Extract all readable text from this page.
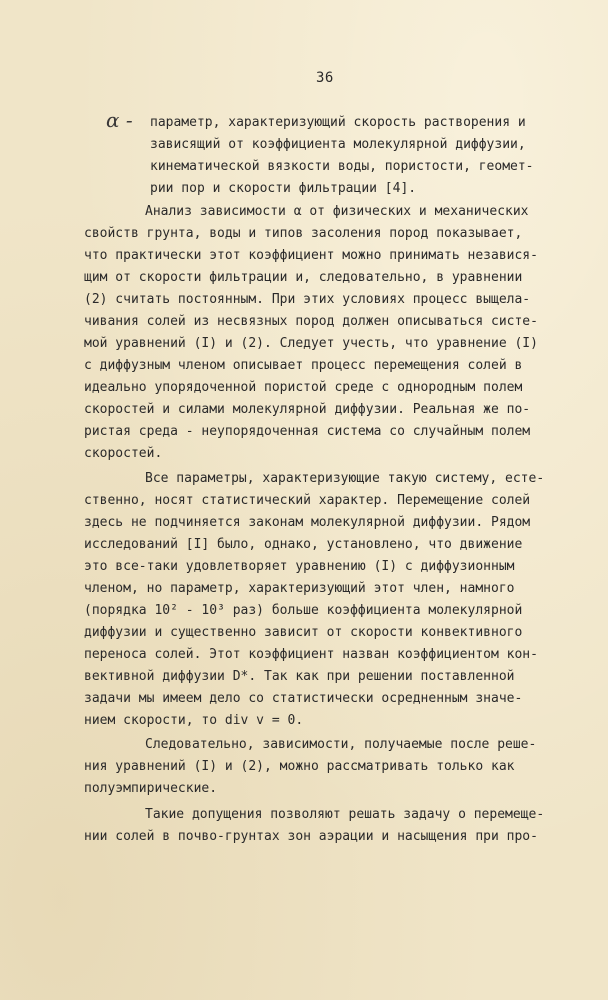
36
α - параметр, характеризующий скорость растворения и
зависящий от коэффициента молекулярной диффузии,
кинематической вязкости воды, пористости, геомет-
рии пор и скорости фильтрации [4].
Анализ зависимости α от физических и механических
свойств грунта, воды и типов засоления пород показывает,
что практически этот коэффициент можно принимать независя-
щим от скорости фильтрации и, следовательно, в уравнении
(2) считать постоянным. При этих условиях процесс выщела-
чивания солей из несвязных пород должен описываться систе-
мой уравнений (I) и (2). Следует учесть, что уравнение (I)
с диффузным членом описывает процесс перемещения солей в
идеально упорядоченной пористой среде с однородным полем
скоростей и силами молекулярной диффузии. Реальная же по-
ристая среда - неупорядоченная система со случайным полем
скоростей.
Все параметры, характеризующие такую систему, есте-
ственно, носят статистический характер. Перемещение солей
здесь не подчиняется законам молекулярной диффузии. Рядом
исследований [I] было, однако, установлено, что движение
это все-таки удовлетворяет уравнению (I) с диффузионным
членом, но параметр, характеризующий этот член, намного
(порядка 10² - 10³ раз) больше коэффициента молекулярной
диффузии и существенно зависит от скорости конвективного
переноса солей. Этот коэффициент назван коэффициентом кон-
вективной диффузии D*. Так как при решении поставленной
задачи мы имеем дело со статистически осредненным значе-
нием скорости, то div v = 0.
Следовательно, зависимости, получаемые после реше-
ния уравнений (I) и (2), можно рассматривать только как
полуэмпирические.
Такие допущения позволяют решать задачу о перемеще-
нии солей в почво-грунтах зон аэрации и насыщения при про-
